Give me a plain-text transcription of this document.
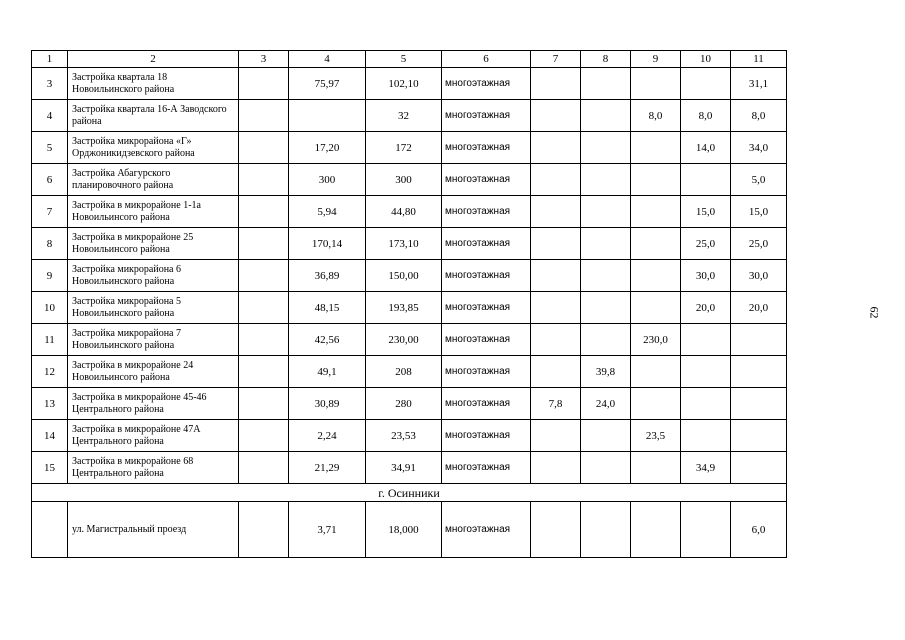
1	2	3	4	5	6	7	8	9	10	11
3	Застройка квартала 18 Новоильинского района		75,97	102,10	многоэтажная					31,1
4	Застройка квартала 16-А Заводского района			32	многоэтажная			8,0	8,0	8,0
5	Застройка микрорайона «Г» Орджоникидзевского района		17,20	172	многоэтажная				14,0	34,0
6	Застройка Абагурского планировочного района		300	300	многоэтажная					5,0
7	Застройка в микрорайоне 1-1а Новоильинсого района		5,94	44,80	многоэтажная				15,0	15,0
8	Застройка в микрорайоне 25 Новоильинсого района		170,14	173,10	многоэтажная				25,0	25,0
9	Застройка микрорайона 6 Новоильинского района		36,89	150,00	многоэтажная				30,0	30,0
10	Застройка микрорайона 5 Новоильинского района		48,15	193,85	многоэтажная				20,0	20,0
11	Застройка микрорайона 7 Новоильинского района		42,56	230,00	многоэтажная			230,0		
12	Застройка в микрорайоне 24 Новоильинсого района		49,1	208	многоэтажная		39,8			
13	Застройка в микрорайоне 45-46 Центрального района		30,89	280	многоэтажная	7,8	24,0			
14	Застройка в микрорайоне 47А Центрального района		2,24	23,53	многоэтажная			23,5		
15	Застройка в микрорайоне 68 Центрального района		21,29	34,91	многоэтажная				34,9	
г. Осинники										
	ул. Магистральный проезд		3,71	18,000	многоэтажная					6,0
62
